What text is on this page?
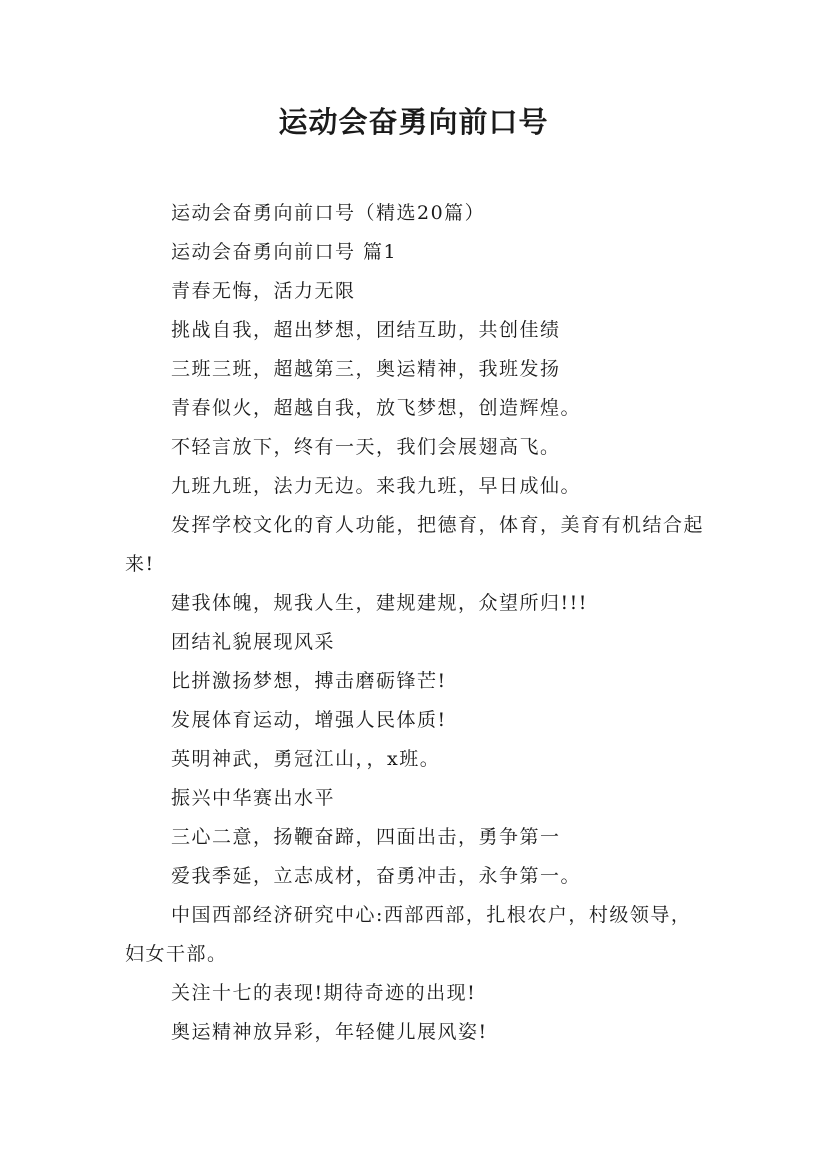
运动会奋勇向前口号

运动会奋勇向前口号（精选20篇）

运动会奋勇向前口号 篇1

青春无悔，活力无限

挑战自我，超出梦想，团结互助，共创佳绩

三班三班，超越第三，奥运精神，我班发扬

青春似火，超越自我，放飞梦想，创造辉煌。

不轻言放下，终有一天，我们会展翅高飞。

九班九班，法力无边。来我九班，早日成仙。

发挥学校文化的育人功能，把德育，体育，美育有机结合起来!

建我体魄，规我人生，建规建规，众望所归!!!

团结礼貌展现风采

比拼激扬梦想，搏击磨砺锋芒!

发展体育运动，增强人民体质!

英明神武，勇冠江山，，x班。

振兴中华赛出水平

三心二意，扬鞭奋蹄，四面出击，勇争第一

爱我季延，立志成材，奋勇冲击，永争第一。

中国西部经济研究中心:西部西部，扎根农户，村级领导，妇女干部。

关注十七的表现!期待奇迹的出现!

奥运精神放异彩，年轻健儿展风姿!
